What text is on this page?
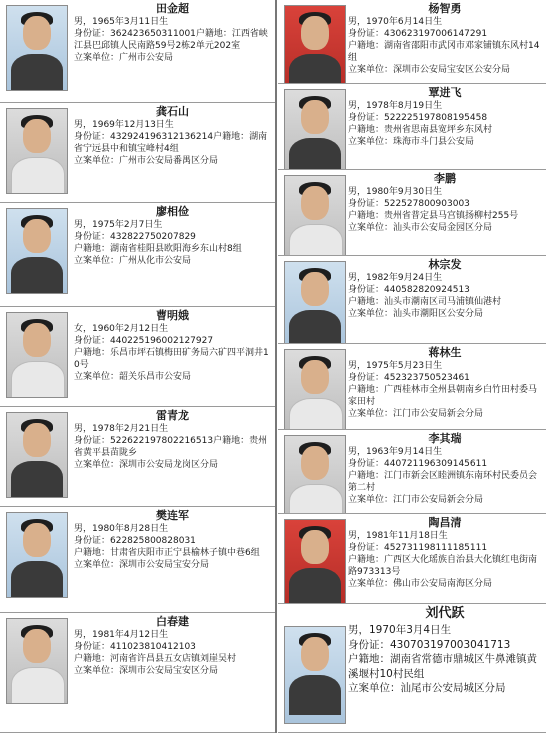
田金超
男，1965年3月11日生
身份证：362423650311001户籍地：江西省峡江县巴邱镇人民南路59号2栋2单元202室
立案单位：广州市公安局
龚石山
男，1969年12月13日生
身份证：432924196312136214户籍地：湖南省宁远县中和镇宝峰村4组
立案单位：广州市公安局番禺区分局
廖相俭
男，1975年2月7日生
身份证：432822750207829
户籍地：湖南省桂阳县欧阳海乡东山村8组
立案单位：广州从化市公安局
曹明娥
女，1960年2月12日生
身份证：440225196002127927
户籍地：乐昌市坪石镇梅田矿务局六矿四平洞井10号
立案单位：韶关乐昌市公安局
雷青龙
男，1978年2月21日生
身份证：522622197802216513户籍地：贵州省黄平县苗陇乡
立案单位：深圳市公安局龙岗区分局
樊连军
男，1980年8月28日生
身份证：622825800828031
户籍地：甘肃省庆阳市正宁县榆林子镇中巷6组
立案单位：深圳市公安局宝安分局
白春建
男，1981年4月12日生
身份证：411023810412103
户籍地：河南省许昌县五女店镇刘崖吴村
立案单位：深圳市公安局宝安区分局
杨智勇
男，1970年6月14日生
身份证：430623197006147291
户籍地：湖南省邵阳市武冈市邓家铺镇东风村14组
立案单位：深圳市公安局宝安区公安分局
覃进飞
男，1978年8月19日生
身份证：522225197808195458
户籍地：贵州省思南县宽坪乡东风村
立案单位：珠海市斗门县公安局
李鹏
男，1980年9月30日生
身份证：522527800903003
户籍地：贵州省普定县马宫镇扬柳村255号
立案单位：汕头市公安局金园区分局
林宗发
男，1982年9月24日生
身份证：440582820924513
户籍地：汕头市潮南区司马浦镇仙港村
立案单位：汕头市潮阳区公安分局
蒋林生
男，1975年5月23日生
身份证：452323750523461
户籍地：广西桂林市全州县朝南乡白竹田村委马家田村
立案单位：江门市公安局新会分局
李其瑞
男，1963年9月14日生
身份证：440721196309145611
户籍地：江门市新会区睦洲镇东南环村民委员会第二村
立案单位：江门市公安局新会分局
陶昌清
男，1981年11月18日生
身份证：452731198111185111
户籍地：广西区大化瑶族自治县大化镇红电街南路973313号
立案单位：佛山市公安局南海区分局
刘代跃
男，1970年3月4日生
身份证：430703197003041713
户籍地：湖南省常德市鼎城区牛鼻滩镇黄溪堰村10村民组
立案单位：汕尾市公安局城区分局
